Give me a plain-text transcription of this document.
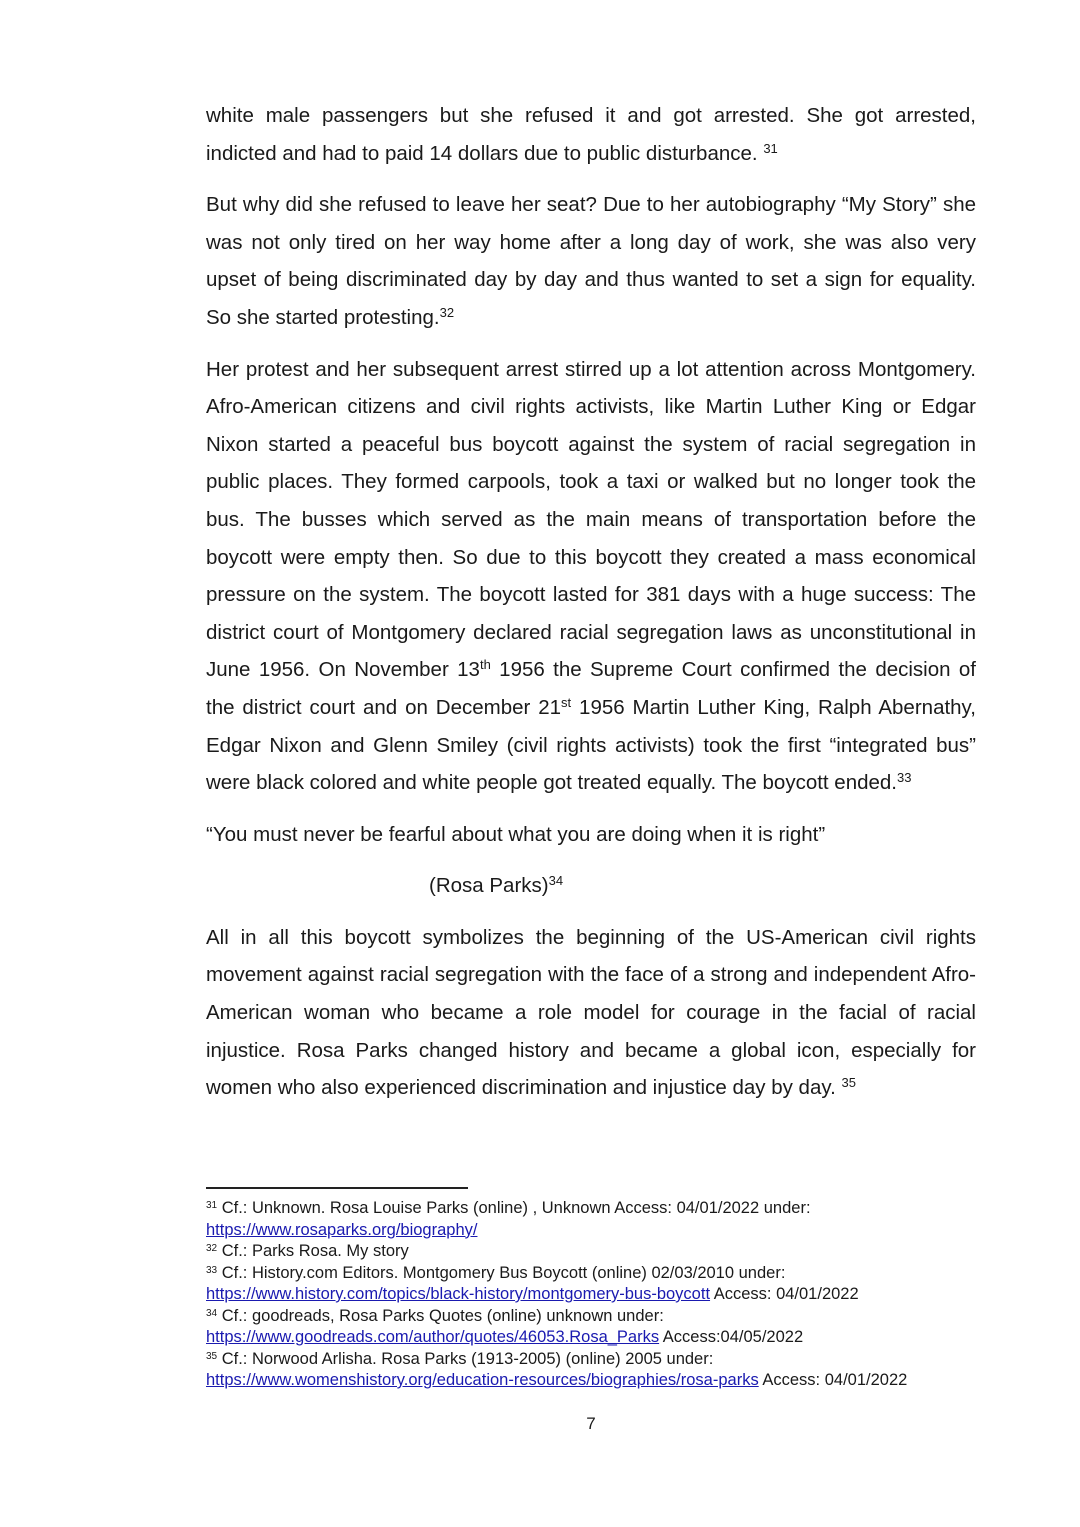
white male passengers but she refused it and got arrested. She got arrested, indicted and had to paid 14 dollars due to public disturbance. $^{31}$

But why did she refused to leave her seat? Due to her autobiography “My Story” she was not only tired on her way home after a long day of work, she was also very upset of being discriminated day by day and thus wanted to set a sign for equality. So she started protesting.$^{32}$

Her protest and her subsequent arrest stirred up a lot attention across Montgomery. Afro-American citizens and civil rights activists, like Martin Luther King or Edgar Nixon started a peaceful bus boycott against the system of racial segregation in public places. They formed carpools, took a taxi or walked but no longer took the bus. The busses which served as the main means of transportation before the boycott were empty then. So due to this boycott they created a mass economical pressure on the system. The boycott lasted for 381 days with a huge success: The district court of Montgomery declared racial segregation laws as unconstitutional in June 1956. On November 13th 1956 the Supreme Court confirmed the decision of the district court and on December 21st 1956 Martin Luther King, Ralph Abernathy, Edgar Nixon and Glenn Smiley (civil rights activists) took the first “integrated bus” were black colored and white people got treated equally. The boycott ended.$^{33}$

“You must never be fearful about what you are doing when it is right”

(Rosa Parks)$^{34}$

All in all this boycott symbolizes the beginning of the US-American civil rights movement against racial segregation with the face of a strong and independent Afro-American woman who became a role model for courage in the facial of racial injustice. Rosa Parks changed history and became a global icon, especially for women who also experienced discrimination and injustice day by day. $^{35}$

$^{31}$ Cf.: Unknown. Rosa Louise Parks (online) , Unknown Access: 04/01/2022 under: https://www.rosaparks.org/biography/

$^{32}$ Cf.: Parks Rosa. My story

$^{33}$ Cf.: History.com Editors. Montgomery Bus Boycott (online) 02/03/2010 under: https://www.history.com/topics/black-history/montgomery-bus-boycott Access: 04/01/2022

$^{34}$ Cf.: goodreads, Rosa Parks Quotes (online) unknown under: https://www.goodreads.com/author/quotes/46053.Rosa_Parks Access:04/05/2022

$^{35}$ Cf.: Norwood Arlisha. Rosa Parks (1913-2005) (online) 2005 under: https://www.womenshistory.org/education-resources/biographies/rosa-parks Access: 04/01/2022

7
